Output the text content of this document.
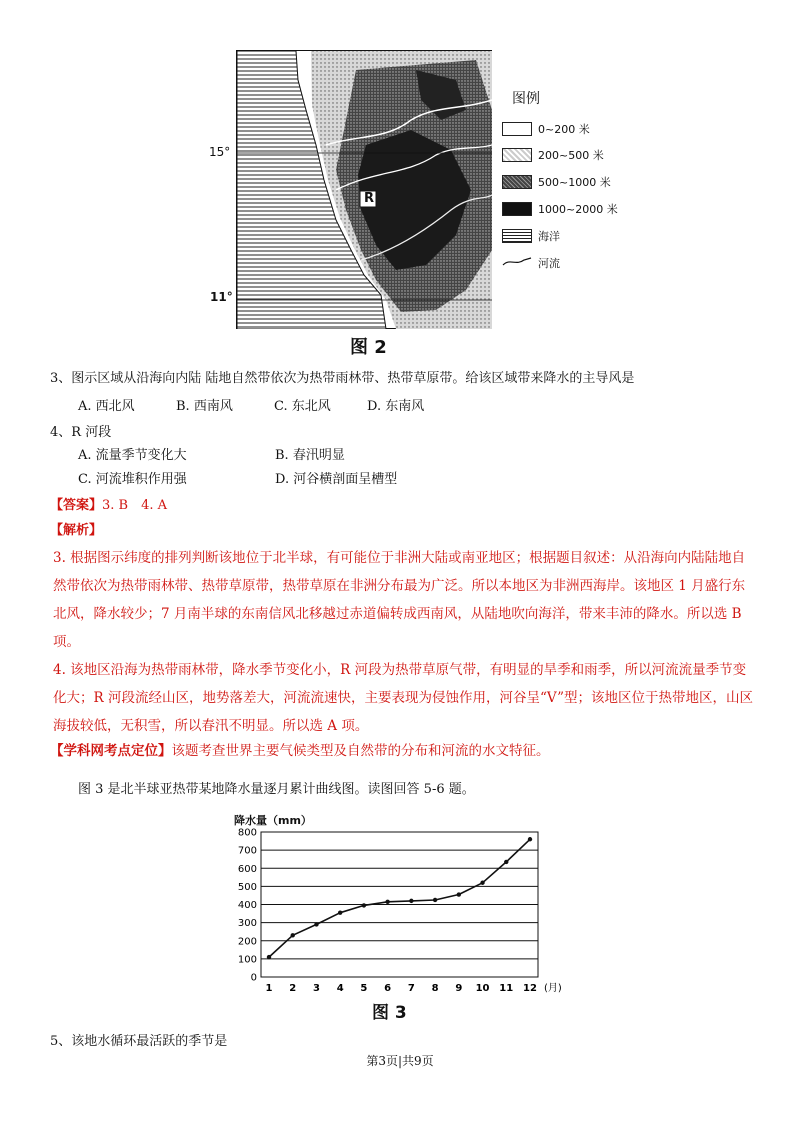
R
15°
11°
图 2
图例
0~200 米
200~500 米
500~1000 米
1000~2000 米
海洋
河流
3、图示区域从沿海向内陆 陆地自然带依次为热带雨林带、热带草原带。给该区域带来降水的主导风是
A. 西北风	B. 西南风	C. 东北风	D. 东南风
4、R 河段
A. 流量季节变化大	B. 春汛明显
C. 河流堆积作用强	D. 河谷横剖面呈槽型
【答案】3. B　4. A
【解析】
3. 根据图示纬度的排列判断该地位于北半球，有可能位于非洲大陆或南亚地区；根据题目叙述：从沿海向内陆陆地自然带依次为热带雨林带、热带草原带，热带草原在非洲分布最为广泛。所以本地区为非洲西海岸。该地区 1 月盛行东北风，降水较少；7 月南半球的东南信风北移越过赤道偏转成西南风，从陆地吹向海洋，带来丰沛的降水。所以选 B 项。
4. 该地区沿海为热带雨林带，降水季节变化小，R 河段为热带草原气带，有明显的旱季和雨季，所以河流流量季节变化大；R 河段流经山区，地势落差大，河流流速快，主要表现为侵蚀作用，河谷呈“V”型；该地区位于热带地区，山区海拔较低，无积雪，所以春汛不明显。所以选 A 项。
【学科网考点定位】该题考查世界主要气候类型及自然带的分布和河流的水文特征。
图 3 是北半球亚热带某地降水量逐月累计曲线图。读图回答 5-6 题。
降水量（mm）
0
100
200
300
400
500
600
700
800
1 2 3 4 5 6 7 8 9 10 11 12 (月)
图 3
5、该地水循环最活跃的季节是
第3页|共9页
